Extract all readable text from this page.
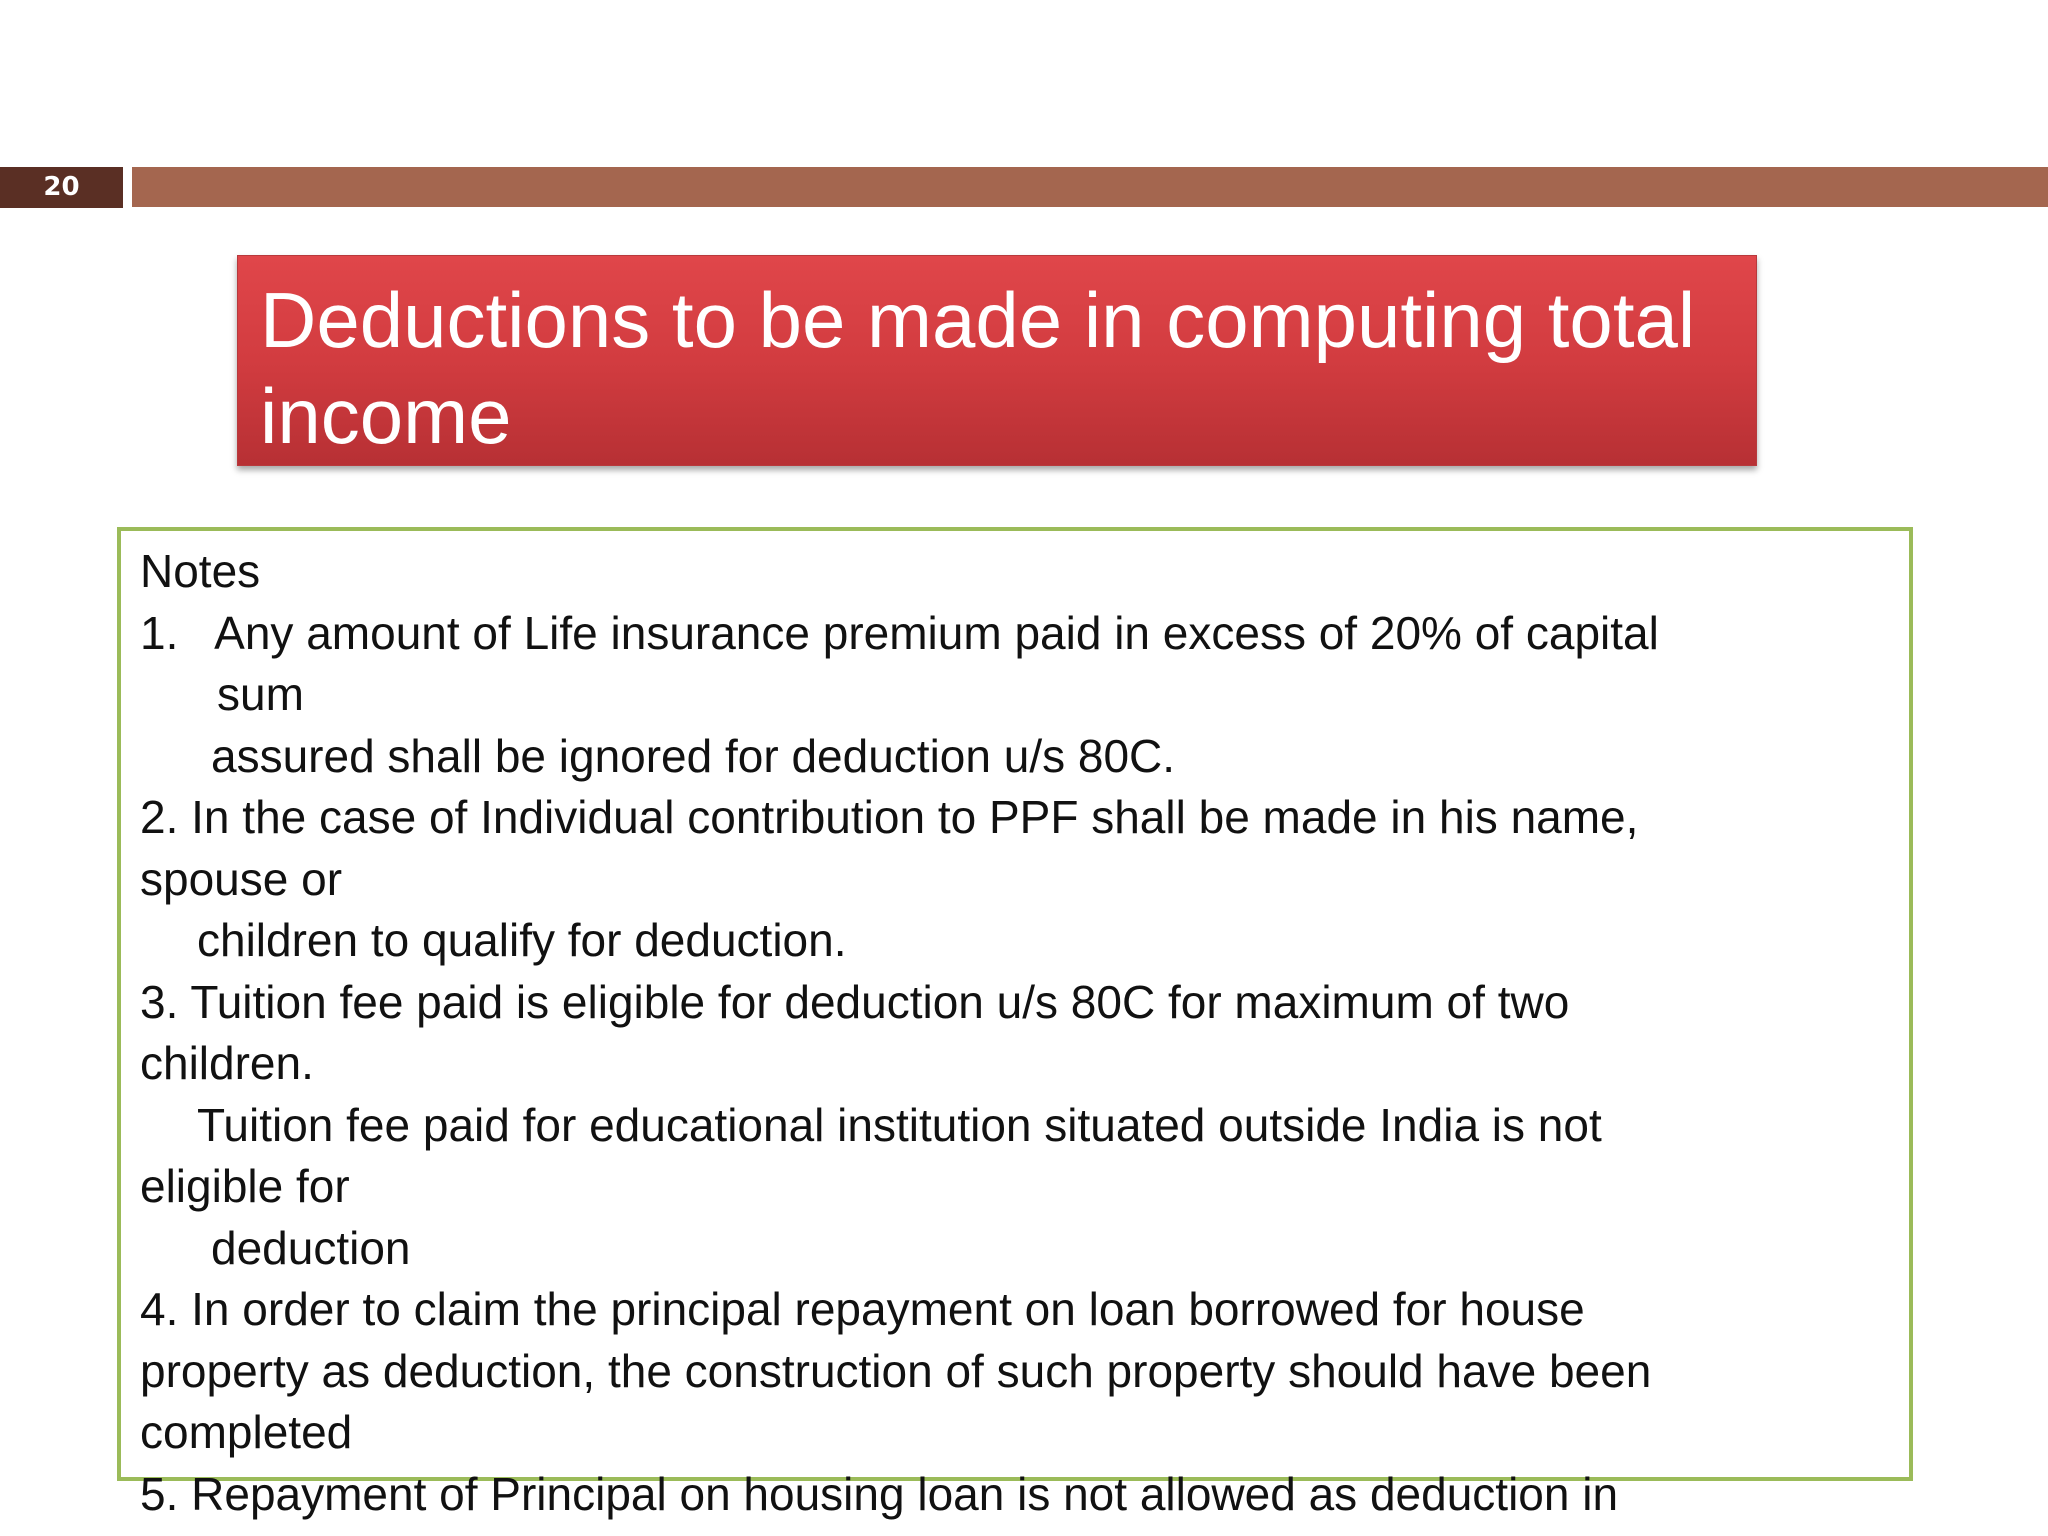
20
Deductions to be made in computing total
income
Notes
1.   Any amount of Life insurance premium paid in excess of 20% of capital
sum
assured shall be ignored for deduction u/s 80C.
2. In the case of Individual contribution to PPF shall be made in his name,
spouse or
children to qualify for deduction.
3. Tuition fee paid is eligible for deduction u/s 80C for maximum of two
children.
Tuition fee paid for educational institution situated outside India is not
eligible for
deduction
4. In order to claim the principal repayment on loan borrowed for house
property as deduction, the construction of such property should have been
completed
5. Repayment of Principal on housing loan is not allowed as deduction in
